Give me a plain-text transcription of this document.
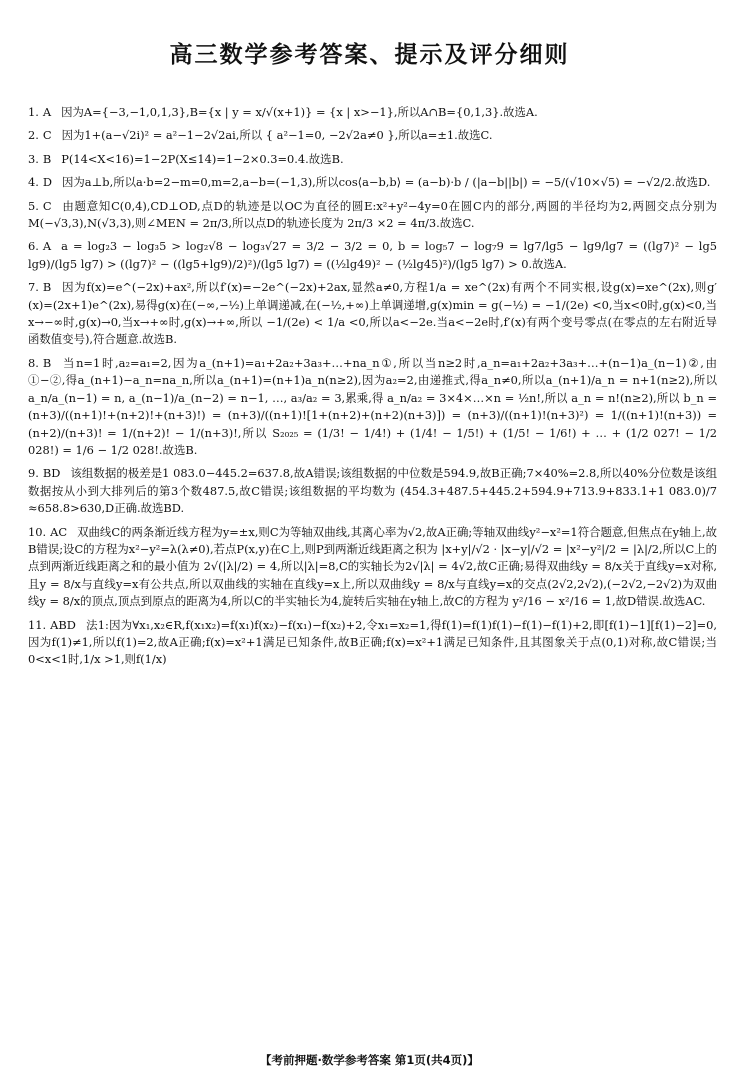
高三数学参考答案、提示及评分细则
1. A 因为A={−3,−1,0,1,3},B={x | y = x/√(x+1)} = {x | x>−1},所以A∩B={0,1,3}.故选A.
2. C 因为1+(a−√2i)² = a²−1−2√2ai,所以 { a²−1=0, −2√2a≠0 },所以a=±1.故选C.
3. B P(14<X<16)=1−2P(X≤14)=1−2×0.3=0.4.故选B.
4. D 因为a⊥b,所以a·b=2−m=0,m=2,a−b=(−1,3),所以cos⟨a−b,b⟩ = (a−b)·b / (|a−b||b|) = −5/(√10×√5) = −√2/2.故选D.
5. C 由题意知C(0,4),CD⊥OD,点D的轨迹是以OC为直径的圆E:x²+y²−4y=0在圆C内的部分,两圆的半径均为2,两圆交点分别为M(−√3,3),N(√3,3),则∠MEN = 2π/3,所以点D的轨迹长度为 2π/3 ×2 = 4π/3.故选C.
6. A a = log₂3 − log₃5 > log₂√8 − log₃√27 = 3/2 − 3/2 = 0, b = log₅7 − log₇9 = lg7/lg5 − lg9/lg7 = ((lg7)² − lg5 lg9)/(lg5 lg7) > ((lg7)² − ((lg5+lg9)/2)²)/(lg5 lg7) = ((½lg49)² − (½lg45)²)/(lg5 lg7) > 0.故选A.
7. B 因为f(x)=e^(−2x)+ax²,所以f′(x)=−2e^(−2x)+2ax,显然a≠0,方程1/a = xe^(2x)有两个不同实根,设g(x)=xe^(2x),则g′(x)=(2x+1)e^(2x),易得g(x)在(−∞,−½)上单调递减,在(−½,+∞)上单调递增,g(x)min = g(−½) = −1/(2e) <0,当x<0时,g(x)<0,当x→−∞时,g(x)→0,当x→+∞时,g(x)→+∞,所以 −1/(2e) < 1/a <0,所以a<−2e.当a<−2e时,f′(x)有两个变号零点(在零点的左右附近导函数值变号),符合题意.故选B.
8. B 当n=1时,a₂=a₁=2,因为a_(n+1)=a₁+2a₂+3a₃+…+na_n①,所以当n≥2时,a_n=a₁+2a₂+3a₃+…+(n−1)a_(n−1)②,由①−②,得a_(n+1)−a_n=na_n,所以a_(n+1)=(n+1)a_n(n≥2),因为a₂=2,由递推式,得a_n≠0,所以a_(n+1)/a_n = n+1(n≥2),所以 a_n/a_(n−1) = n, a_(n−1)/a_(n−2) = n−1, …, a₃/a₂ = 3,累乘,得 a_n/a₂ = 3×4×…×n = ½n!,所以 a_n = n!(n≥2),所以 b_n = (n+3)/((n+1)!+(n+2)!+(n+3)!) = (n+3)/((n+1)![1+(n+2)+(n+2)(n+3)]) = (n+3)/((n+1)!(n+3)²) = 1/((n+1)!(n+3)) = (n+2)/(n+3)! = 1/(n+2)! − 1/(n+3)!,所以 S₂₀₂₅ = (1/3! − 1/4!) + (1/4! − 1/5!) + (1/5! − 1/6!) + … + (1/2 027! − 1/2 028!) = 1/6 − 1/2 028!.故选B.
9. BD 该组数据的极差是1 083.0−445.2=637.8,故A错误;该组数据的中位数是594.9,故B正确;7×40%=2.8,所以40%分位数是该组数据按从小到大排列后的第3个数487.5,故C错误;该组数据的平均数为 (454.3+487.5+445.2+594.9+713.9+833.1+1 083.0)/7 ≈658.8>630,D正确.故选BD.
10. AC 双曲线C的两条渐近线方程为y=±x,则C为等轴双曲线,其离心率为√2,故A正确;等轴双曲线y²−x²=1符合题意,但焦点在y轴上,故B错误;设C的方程为x²−y²=λ(λ≠0),若点P(x,y)在C上,则P到两渐近线距离之积为 |x+y|/√2 · |x−y|/√2 = |x²−y²|/2 = |λ|/2,所以C上的点到两渐近线距离之和的最小值为 2√(|λ|/2) = 4,所以|λ|=8,C的实轴长为2√|λ| = 4√2,故C正确;易得双曲线y = 8/x关于直线y=x对称,且y = 8/x与直线y=x有公共点,所以双曲线的实轴在直线y=x上,所以双曲线y = 8/x与直线y=x的交点(2√2,2√2),(−2√2,−2√2)为双曲线y = 8/x的顶点,顶点到原点的距离为4,所以C的半实轴长为4,旋转后实轴在y轴上,故C的方程为 y²/16 − x²/16 = 1,故D错误.故选AC.
11. ABD 法1:因为∀x₁,x₂∈R,f(x₁x₂)=f(x₁)f(x₂)−f(x₁)−f(x₂)+2,令x₁=x₂=1,得f(1)=f(1)f(1)−f(1)−f(1)+2,即[f(1)−1][f(1)−2]=0,因为f(1)≠1,所以f(1)=2,故A正确;f(x)=x²+1满足已知条件,故B正确;f(x)=x²+1满足已知条件,且其图象关于点(0,1)对称,故C错误;当0<x<1时,1/x >1,则f(1/x)
【考前押题·数学参考答案 第1页(共4页)】
